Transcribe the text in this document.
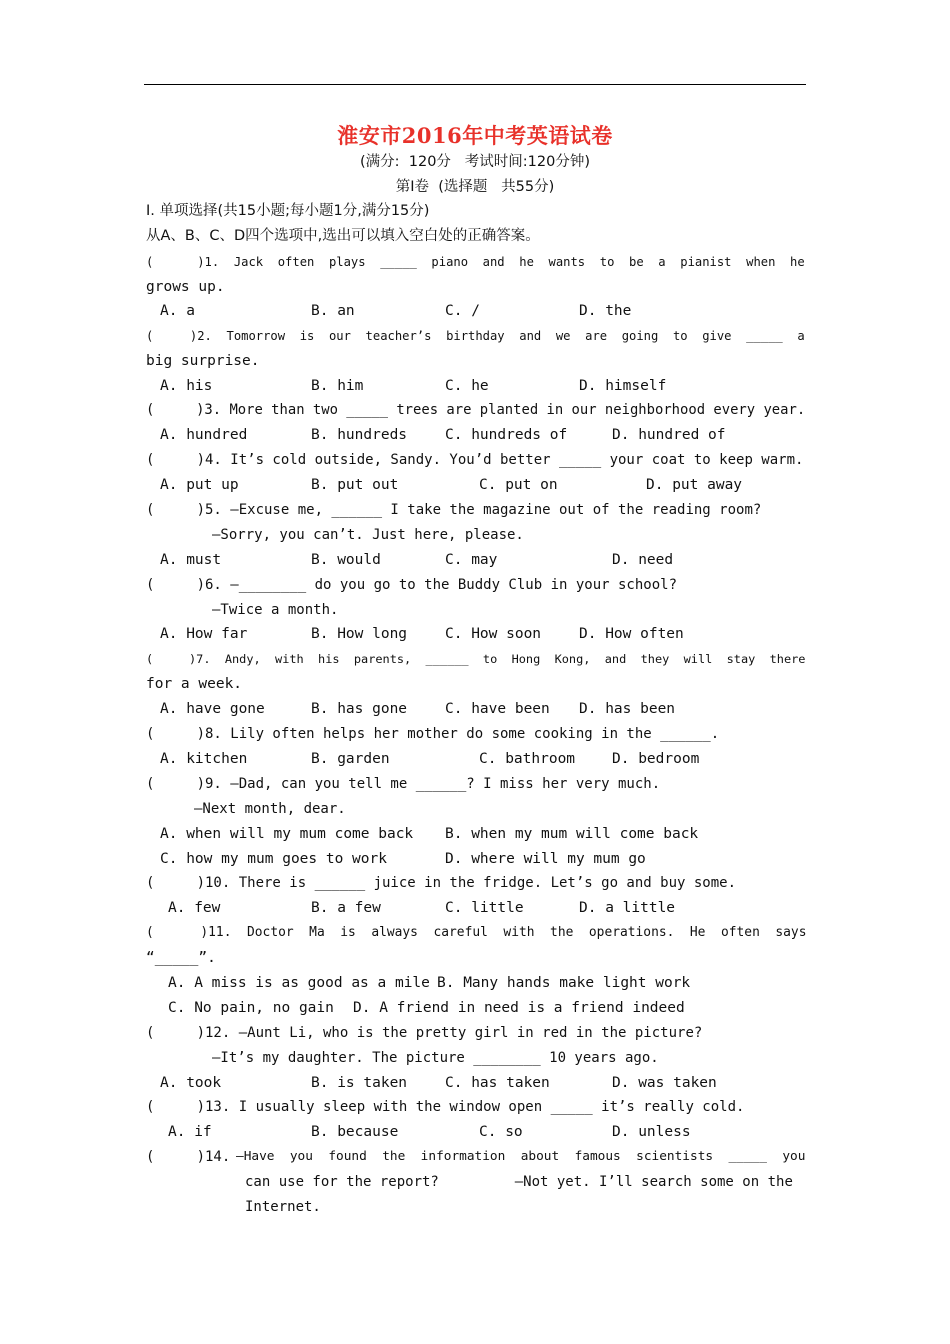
淮安市2016年中考英语试卷
(满分:  120分   考试时间:120分钟)
第Ⅰ卷  (选择题   共55分)
Ⅰ. 单项选择(共15小题;每小题1分,满分15分)
从A、B、C、D四个选项中,选出可以填入空白处的正确答案。
(      )1.  Jack  often  plays  _____  piano  and  he  wants  to  be  a  pianist  when  he
grows up.
A. a	B. an	C. /	D. the
(     )2.  Tomorrow  is  our  teacher’s  birthday  and  we  are  going  to  give  _____  a
big surprise.
A. his	B. him	C. he	D. himself
(     )3. More than two _____ trees are planted in our neighborhood every year.
A. hundred	B. hundreds	C. hundreds of	D. hundred of
(     )4. It’s cold outside, Sandy. You’d better _____ your coat to keep warm.
A. put up	B. put out	C. put on	D. put away
(     )5. —Excuse me, ______ I take the magazine out of the reading room?
—Sorry, you can’t. Just here, please.
A. must	B. would	C. may	D. need
(     )6. —________ do you go to the Buddy Club in your school?
—Twice a month.
A. How far	B. How long	C. How soon	D. How often
(     )7.  Andy,  with  his  parents,  ______  to  Hong  Kong,  and  they  will  stay  there
for a week.
A. have gone	B. has gone	C. have been D. has been
(     )8. Lily often helps her mother do some cooking in the ______.
A. kitchen	B. garden	C. bathroom	D. bedroom
(     )9. —Dad, can you tell me ______? I miss her very much.
—Next month, dear.
A. when will my mum come back B. when my mum will come back
C. how my mum goes to work	D. where will my mum go
(     )10. There is ______ juice in the fridge. Let’s go and buy some.
A. few	B. a few	C. little	D. a little
(      )11.  Doctor  Ma  is  always  careful  with  the  operations.  He  often  says
“_____”.
A. A miss is as good as a mile B. Many hands make light work
C. No pain, no gain D. A friend in need is a friend indeed
(     )12. —Aunt Li, who is the pretty girl in red in the picture?
—It’s my daughter. The picture ________ 10 years ago.
A. took	B. is taken	C. has taken	D. was taken
(     )13. I usually sleep with the window open _____ it’s really cold.
A. if	B. because	C. so	D. unless
(     )14. —Have  you  found  the  information  about  famous  scientists  _____  you
can use for the report?         —Not yet. I’ll search some on the
Internet.
